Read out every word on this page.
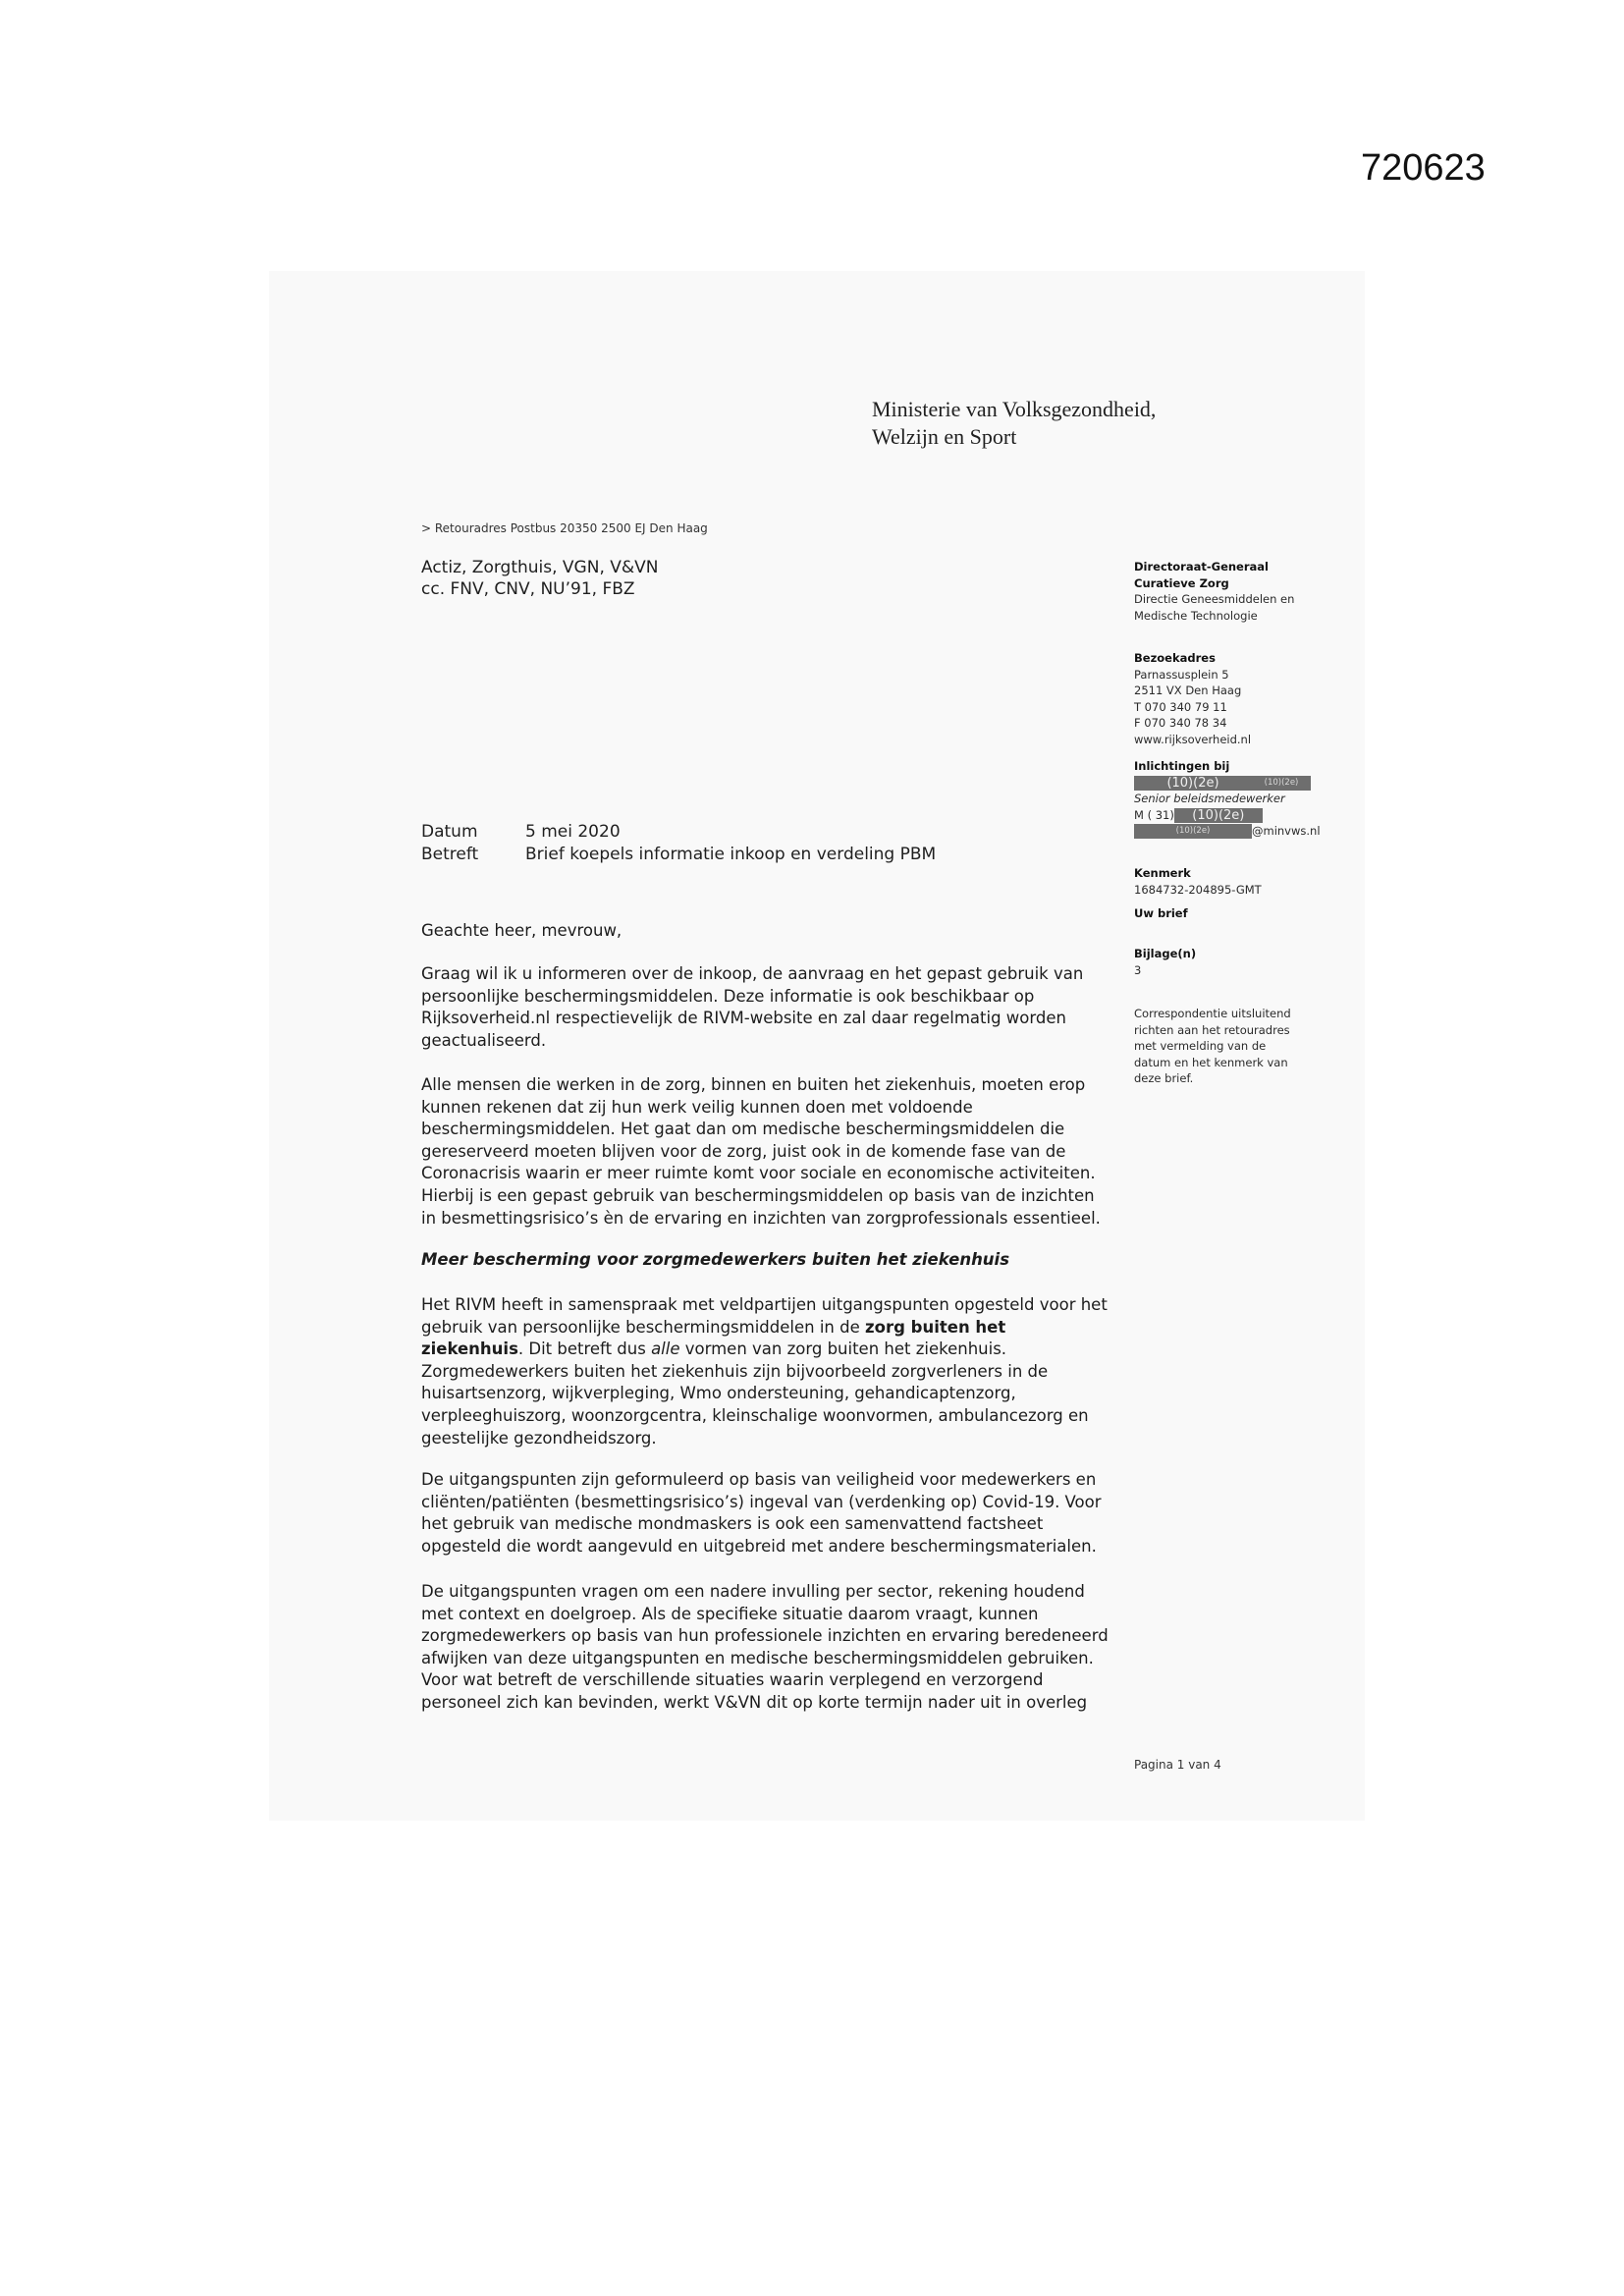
720623
Ministerie van Volksgezondheid,
Welzijn en Sport
> Retouradres Postbus 20350 2500 EJ Den Haag
Actiz, Zorgthuis, VGN, V&VN
cc. FNV, CNV, NU’91, FBZ
Datum	5 mei 2020
Betreft	Brief koepels informatie inkoop en verdeling PBM

Geachte heer, mevrouw,

Graag wil ik u informeren over de inkoop, de aanvraag en het gepast gebruik van persoonlijke beschermingsmiddelen. Deze informatie is ook beschikbaar op Rijksoverheid.nl respectievelijk de RIVM-website en zal daar regelmatig worden geactualiseerd.

Alle mensen die werken in de zorg, binnen en buiten het ziekenhuis, moeten erop kunnen rekenen dat zij hun werk veilig kunnen doen met voldoende beschermingsmiddelen. Het gaat dan om medische beschermingsmiddelen die gereserveerd moeten blijven voor de zorg, juist ook in de komende fase van de Coronacrisis waarin er meer ruimte komt voor sociale en economische activiteiten. Hierbij is een gepast gebruik van beschermingsmiddelen op basis van de inzichten in besmettingsrisico’s èn de ervaring en inzichten van zorgprofessionals essentieel.

Meer bescherming voor zorgmedewerkers buiten het ziekenhuis

Het RIVM heeft in samenspraak met veldpartijen uitgangspunten opgesteld voor het gebruik van persoonlijke beschermingsmiddelen in de zorg buiten het ziekenhuis. Dit betreft dus alle vormen van zorg buiten het ziekenhuis. Zorgmedewerkers buiten het ziekenhuis zijn bijvoorbeeld zorgverleners in de huisartsenzorg, wijkverpleging, Wmo ondersteuning, gehandicaptenzorg, verpleeghuiszorg, woonzorgcentra, kleinschalige woonvormen, ambulancezorg en geestelijke gezondheidszorg.

De uitgangspunten zijn geformuleerd op basis van veiligheid voor medewerkers en cliënten/patiënten (besmettingsrisico’s) ingeval van (verdenking op) Covid-19. Voor het gebruik van medische mondmaskers is ook een samenvattend factsheet opgesteld die wordt aangevuld en uitgebreid met andere beschermingsmaterialen.

De uitgangspunten vragen om een nadere invulling per sector, rekening houdend met context en doelgroep. Als de specifieke situatie daarom vraagt, kunnen zorgmedewerkers op basis van hun professionele inzichten en ervaring beredeneerd afwijken van deze uitgangspunten en medische beschermingsmiddelen gebruiken. Voor wat betreft de verschillende situaties waarin verplegend en verzorgend personeel zich kan bevinden, werkt V&VN dit op korte termijn nader uit in overleg

Directoraat-Generaal
Curatieve Zorg
Directie Geneesmiddelen en
Medische Technologie
Bezoekadres
Parnassusplein 5
2511 VX Den Haag
T 070 340 79 11
F 070 340 78 34
www.rijksoverheid.nl
Inlichtingen bij
(10)(2e)	(10)(2e)
Senior beleidsmedewerker
M ( 31) (10)(2e)
(10)(2e)	@minvws.nl
Kenmerk
1684732-204895-GMT
Uw brief
Bijlage(n)
3
Correspondentie uitsluitend richten aan het retouradres met vermelding van de datum en het kenmerk van deze brief.
Pagina 1 van 4
